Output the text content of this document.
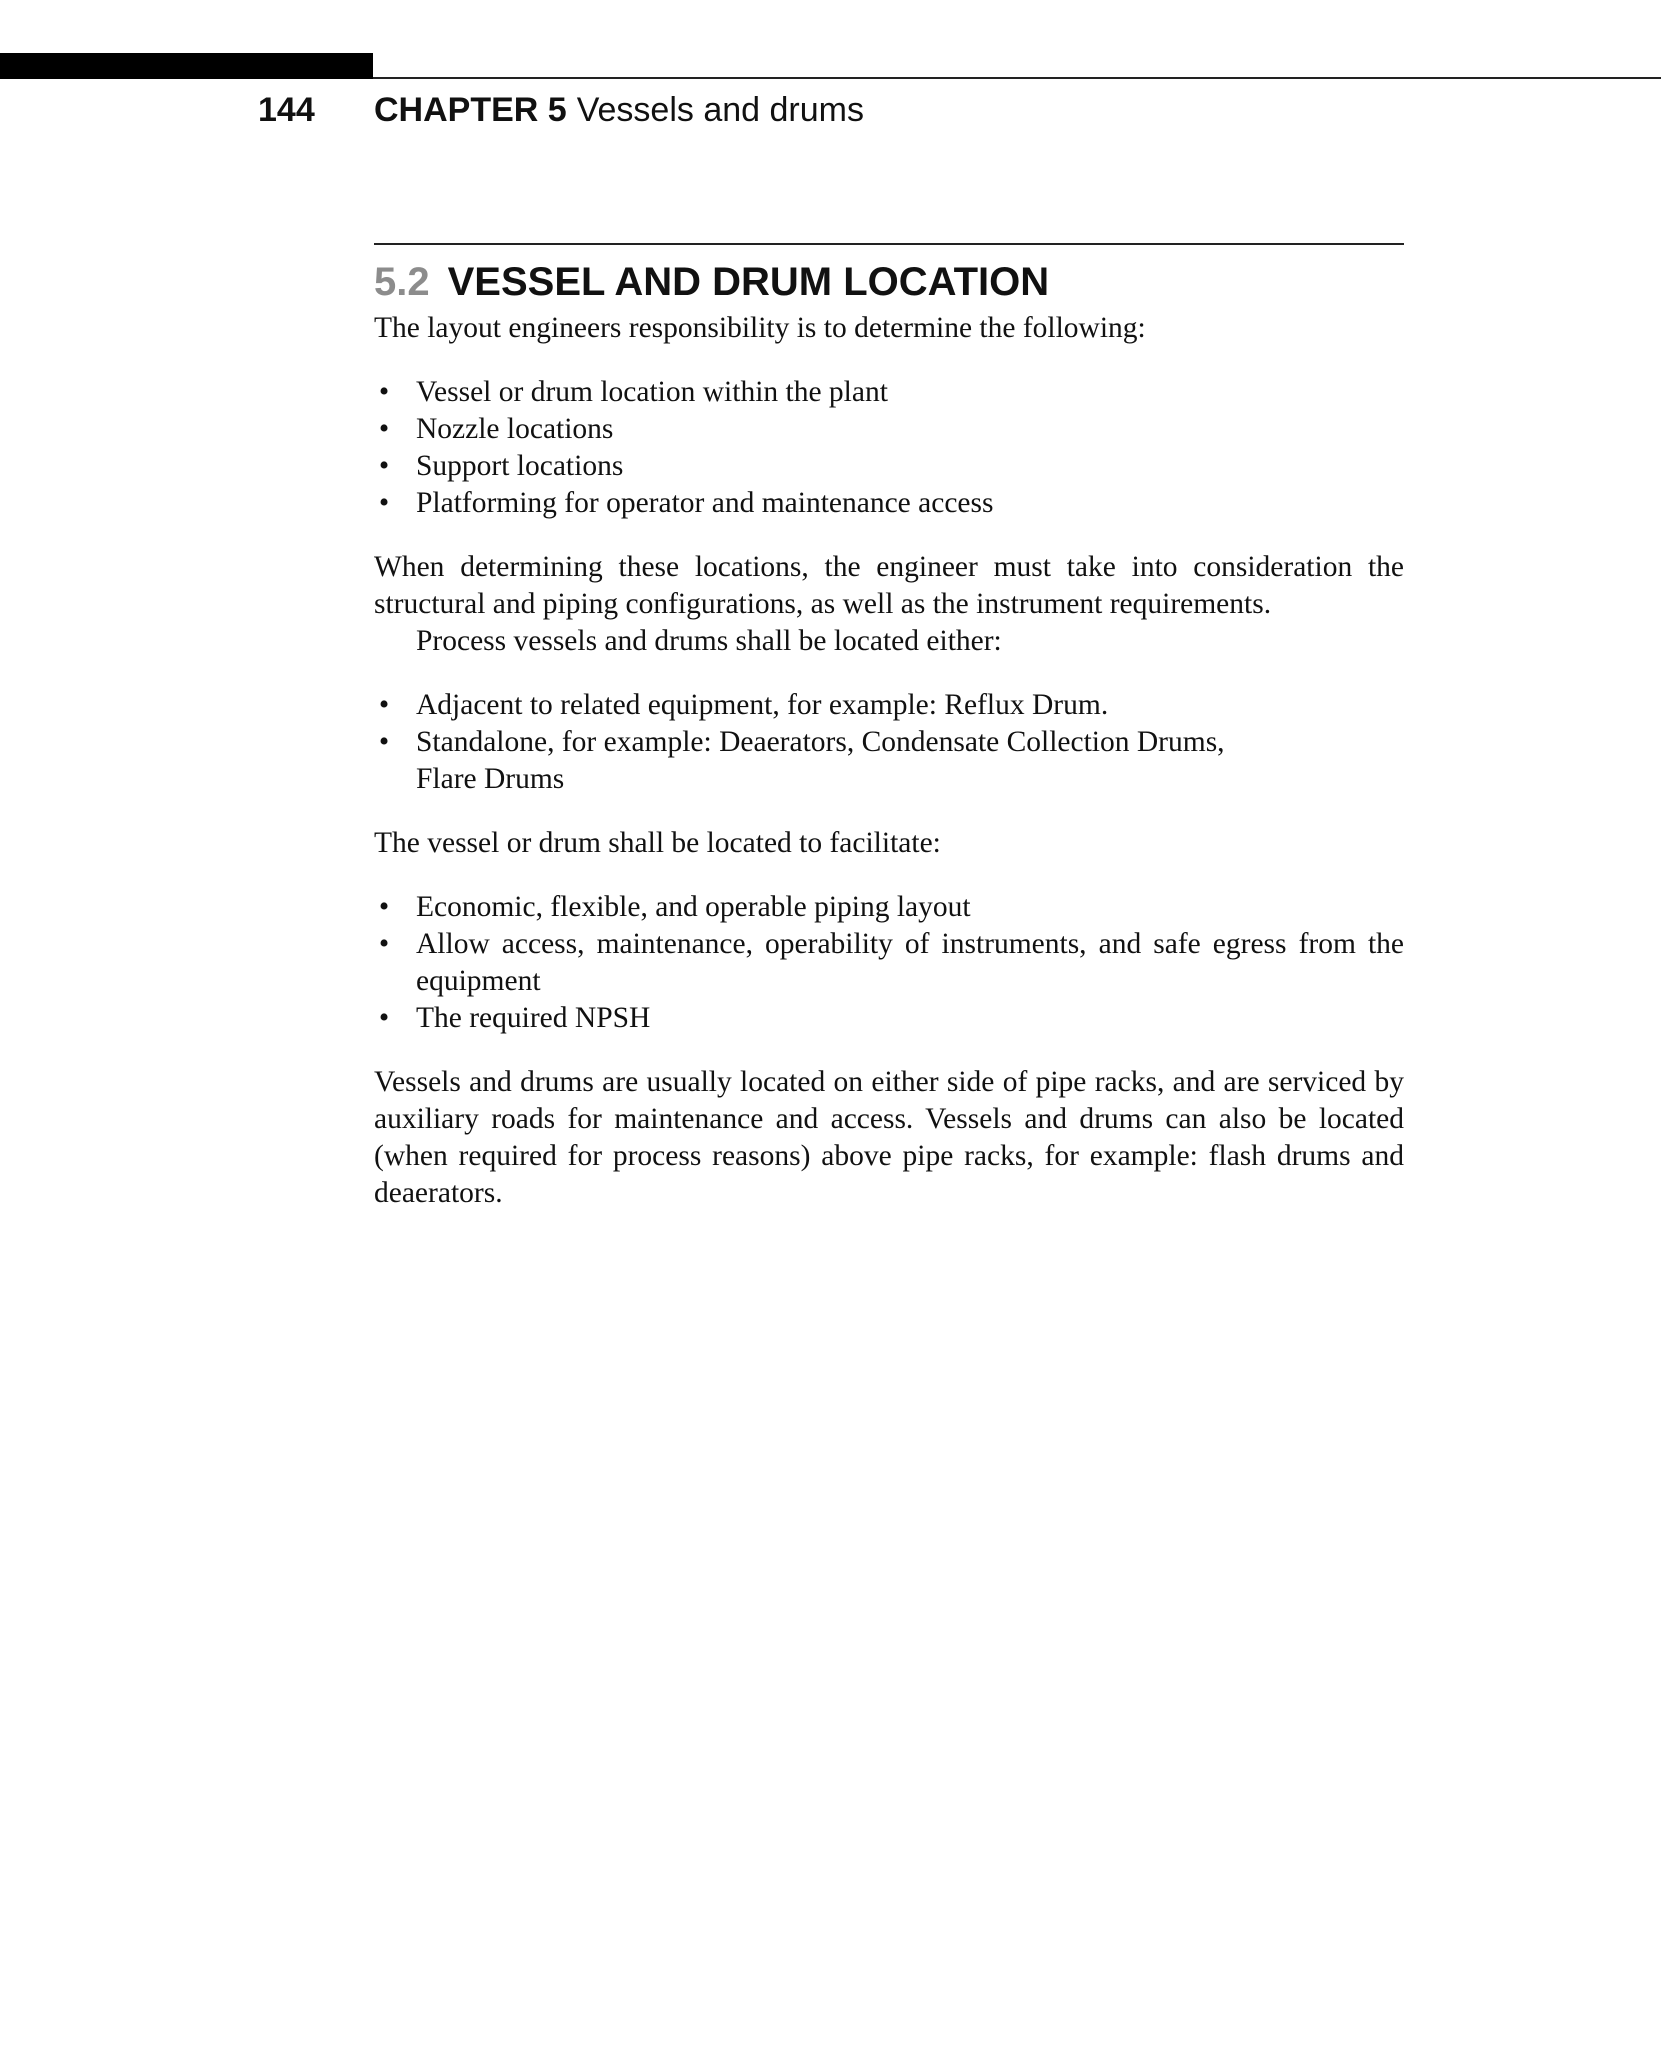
144 CHAPTER 5 Vessels and drums
5.2 VESSEL AND DRUM LOCATION

The layout engineers responsibility is to determine the following:

• Vessel or drum location within the plant
• Nozzle locations
• Support locations
• Platforming for operator and maintenance access

When determining these locations, the engineer must take into consideration the structural and piping configurations, as well as the instrument requirements.

Process vessels and drums shall be located either:

• Adjacent to related equipment, for example: Reflux Drum.
• Standalone, for example: Deaerators, Condensate Collection Drums,
Flare Drums

The vessel or drum shall be located to facilitate:

• Economic, flexible, and operable piping layout
• Allow access, maintenance, operability of instruments, and safe egress from the equipment
• The required NPSH

Vessels and drums are usually located on either side of pipe racks, and are serviced by auxiliary roads for maintenance and access. Vessels and drums can also be located (when required for process reasons) above pipe racks, for example: flash drums and deaerators.
